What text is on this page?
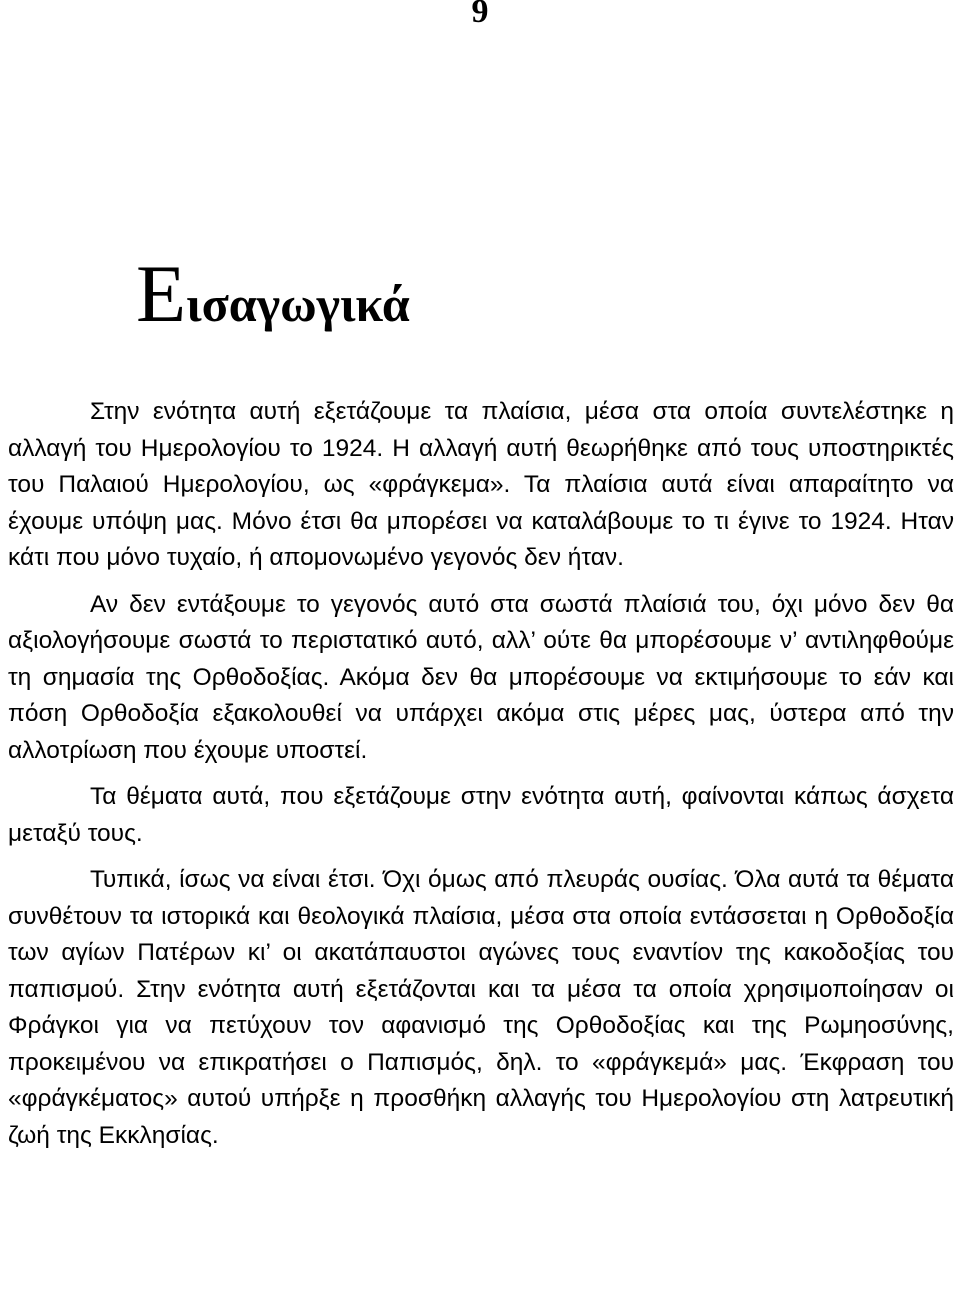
9
Εισαγωγικά

Στην ενότητα αυτή εξετάζουμε τα πλαίσια, μέσα στα οποία συντελέστηκε η αλλαγή του Ημερολογίου το 1924. Η αλλαγή αυτή θεωρήθηκε από τους υποστηρικτές του Παλαιού Ημερολογίου, ως «φράγκεμα». Τα πλαίσια αυτά είναι απαραίτητο να έχουμε υπόψη μας. Μόνο έτσι θα μπορέσει να καταλάβουμε το τι έγινε το 1924. Ηταν κάτι που μόνο τυχαίο, ή απομονωμένο γεγονός δεν ήταν.

Αν δεν εντάξουμε το γεγονός αυτό στα σωστά πλαίσιά του, όχι μόνο δεν θα αξιολογήσουμε σωστά το περιστατικό αυτό, αλλ’ ούτε θα μπορέσουμε ν’ αντιληφθούμε τη σημασία της Ορθοδοξίας. Ακόμα δεν θα μπορέσουμε να εκτιμήσουμε το εάν και πόση Ορθοδοξία εξακολουθεί να υπάρχει ακόμα στις μέρες μας, ύστερα από την αλλοτρίωση που έχουμε υποστεί.

Τα θέματα αυτά, που εξετάζουμε στην ενότητα αυτή, φαίνονται κάπως άσχετα μεταξύ τους.

Τυπικά, ίσως να είναι έτσι. Όχι όμως από πλευράς ουσίας. Όλα αυτά τα θέματα συνθέτουν τα ιστορικά και θεολογικά πλαίσια, μέσα στα οποία εντάσσεται η Ορθοδοξία των αγίων Πατέρων κι’ οι ακατάπαυστοι αγώνες τους εναντίον της κακοδοξίας του παπισμού. Στην ενότητα αυτή εξετάζονται και τα μέσα τα οποία χρησιμοποίησαν οι Φράγκοι για να πετύχουν τον αφανισμό της Ορθοδοξίας και της Ρωμηοσύνης, προκειμένου να επικρατήσει ο Παπισμός, δηλ. το «φράγκεμά» μας. Έκφραση του «φράγκέματος» αυτού υπήρξε η προσθήκη αλλαγής του Ημερολογίου στη λατρευτική ζωή της Εκκλησίας.
